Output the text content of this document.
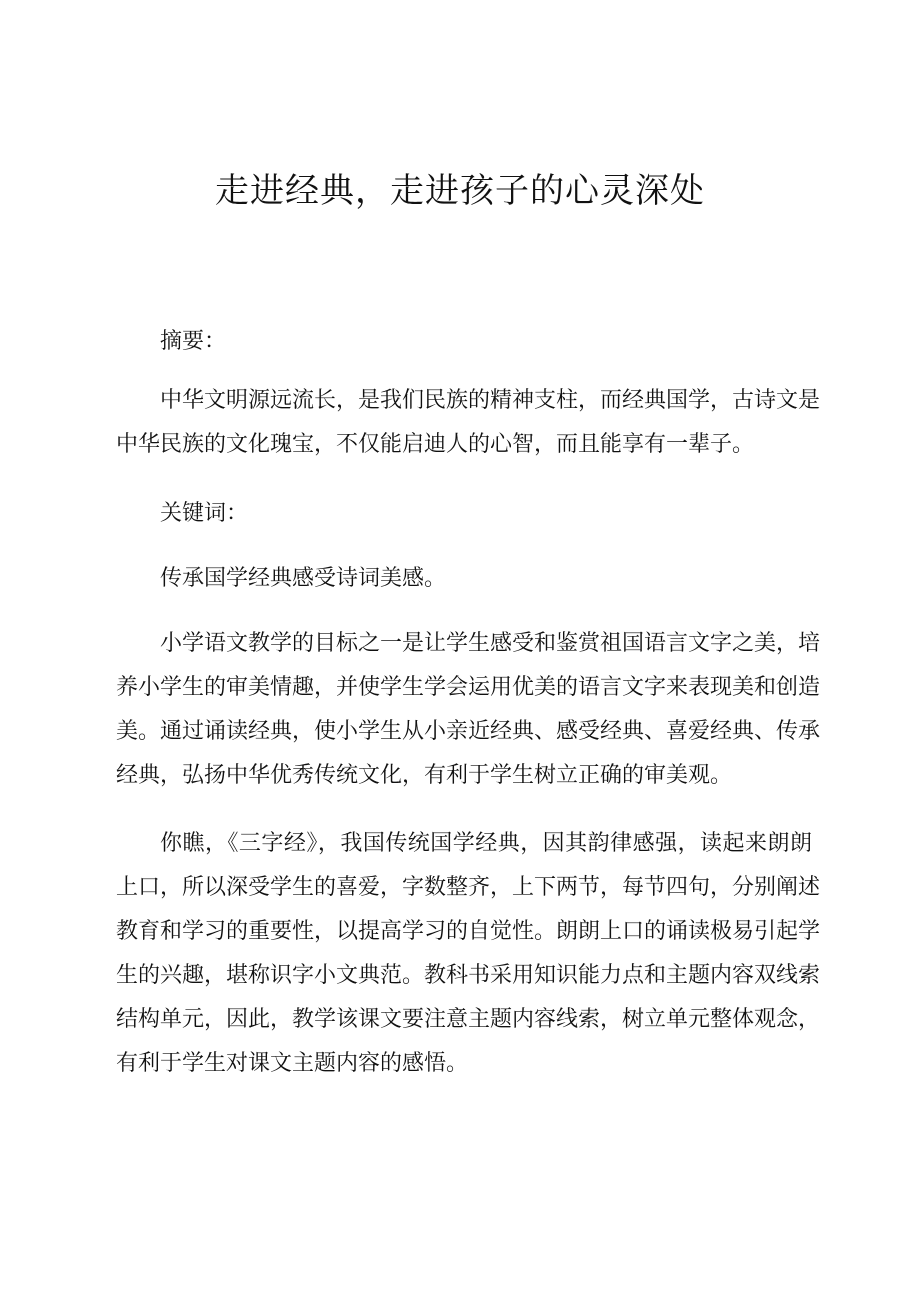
走进经典，走进孩子的心灵深处

摘要：

中华文明源远流长，是我们民族的精神支柱，而经典国学，古诗文是
中华民族的文化瑰宝，不仅能启迪人的心智，而且能享有一辈子。

关键词：

传承国学经典感受诗词美感。

小学语文教学的目标之一是让学生感受和鉴赏祖国语言文字之美，培
养小学生的审美情趣，并使学生学会运用优美的语言文字来表现美和创造
美。通过诵读经典，使小学生从小亲近经典、感受经典、喜爱经典、传承
经典，弘扬中华优秀传统文化，有利于学生树立正确的审美观。

你瞧，《三字经》，我国传统国学经典，因其韵律感强，读起来朗朗
上口，所以深受学生的喜爱，字数整齐，上下两节，每节四句，分别阐述
教育和学习的重要性，以提高学习的自觉性。朗朗上口的诵读极易引起学
生的兴趣，堪称识字小文典范。教科书采用知识能力点和主题内容双线索
结构单元，因此，教学该课文要注意主题内容线索，树立单元整体观念，
有利于学生对课文主题内容的感悟。
